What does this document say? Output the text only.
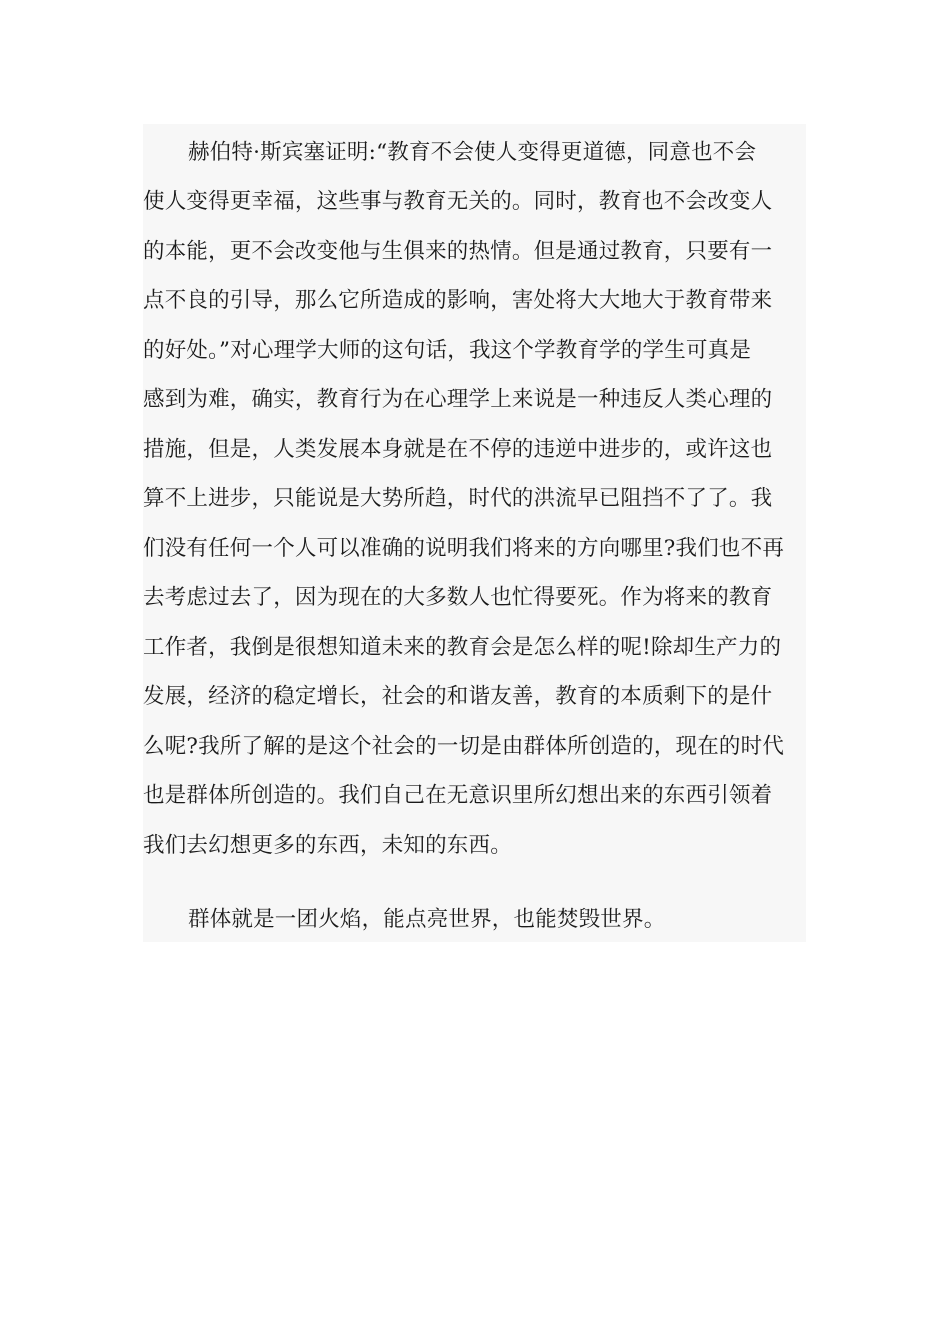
赫伯特·斯宾塞证明:“教育不会使人变得更道德，同意也不会
使人变得更幸福，这些事与教育无关的。同时，教育也不会改变人
的本能，更不会改变他与生俱来的热情。但是通过教育，只要有一
点不良的引导，那么它所造成的影响，害处将大大地大于教育带来
的好处。”对心理学大师的这句话，我这个学教育学的学生可真是
感到为难，确实，教育行为在心理学上来说是一种违反人类心理的
措施，但是，人类发展本身就是在不停的违逆中进步的，或许这也
算不上进步，只能说是大势所趋，时代的洪流早已阻挡不了了。我
们没有任何一个人可以准确的说明我们将来的方向哪里?我们也不再
去考虑过去了，因为现在的大多数人也忙得要死。作为将来的教育
工作者，我倒是很想知道未来的教育会是怎么样的呢!除却生产力的
发展，经济的稳定增长，社会的和谐友善，教育的本质剩下的是什
么呢?我所了解的是这个社会的一切是由群体所创造的，现在的时代
也是群体所创造的。我们自己在无意识里所幻想出来的东西引领着
我们去幻想更多的东西，未知的东西。
群体就是一团火焰，能点亮世界，也能焚毁世界。
